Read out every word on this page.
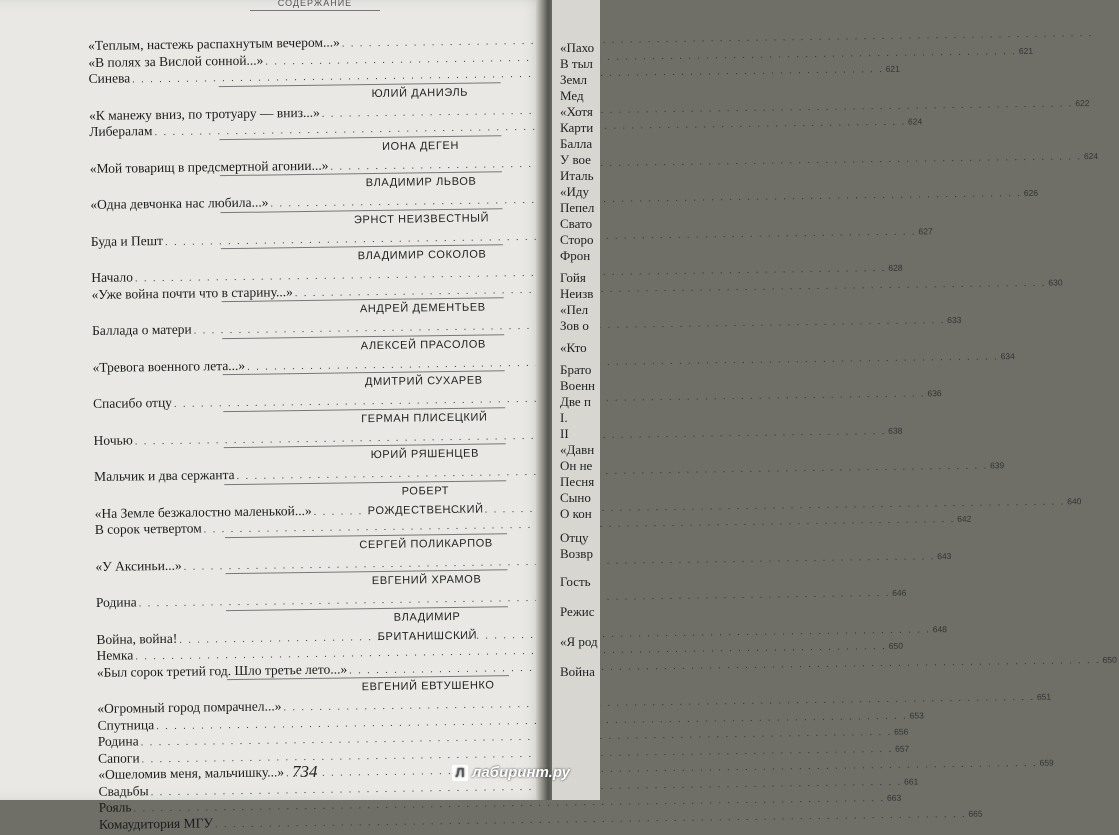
СОДЕРЖАНИЕ
«Теплым, настежь распахнутым вечером...»
. . .
«В полях за Вислой сонной...»
. . .
621
Синева
. . .
621
ЮЛИЙ ДАНИЭЛЬ
«К манежу вниз, по тротуару — вниз...»
. . .
622
Либералам
. . .
624
ИОНА ДЕГЕН
«Мой товарищ в предсмертной агонии...»
. . .
624
ВЛАДИМИР ЛЬВОВ
«Одна девчонка нас любила...»
. . .
626
ЭРНСТ НЕИЗВЕСТНЫЙ
Буда и Пешт
. . .
627
ВЛАДИМИР СОКОЛОВ
Начало
. . .
628
«Уже война почти что в старину...»
. . .
630
АНДРЕЙ ДЕМЕНТЬЕВ
Баллада о матери
. . .
633
АЛЕКСЕЙ ПРАСОЛОВ
«Тревога военного лета...»
. . .
634
ДМИТРИЙ СУХАРЕВ
Спасибо отцу
. . .
636
ГЕРМАН ПЛИСЕЦКИЙ
Ночью
. . .
638
ЮРИЙ РЯШЕНЦЕВ
Мальчик и два сержанта
. . .
639
РОБЕРТ РОЖДЕСТВЕНСКИЙ
«На Земле безжалостно маленькой...»
. . .
640
В сорок четвертом
. . .
642
СЕРГЕЙ ПОЛИКАРПОВ
«У Аксиньи...»
. . .
643
ЕВГЕНИЙ ХРАМОВ
Родина
. . .
646
ВЛАДИМИР БРИТАНИШСКИЙ
Война, война!
. . .
648
Немка
. . .
650
«Был сорок третий год. Шло третье лето...»
. . .
650
ЕВГЕНИЙ ЕВТУШЕНКО
«Огромный город помрачнел...»
. . .
651
Спутница
. . .
653
Родина
. . .
656
Сапоги
. . .
657
«Ошеломив меня, мальчишку...»
. . .
659
Свадьбы
. . .
661
Рояль
. . .
663
Комаудитория МГУ
. . .
665
734
«Пахо
В тыл
Земл
Мед
«Хотя
Карти
Балла
У вое
Италь
«Иду
Пепел
Свато
Сторо
Фрон
Гойя
Неизв
«Пел
Зов о
«Кто
Брато
Военн
Две п
I.
II
«Давн
Он не
Песня
Сыно
О кон
Отцу
Возвр
Гость
Режис
«Я род
Война
Л лабиринт.ру
